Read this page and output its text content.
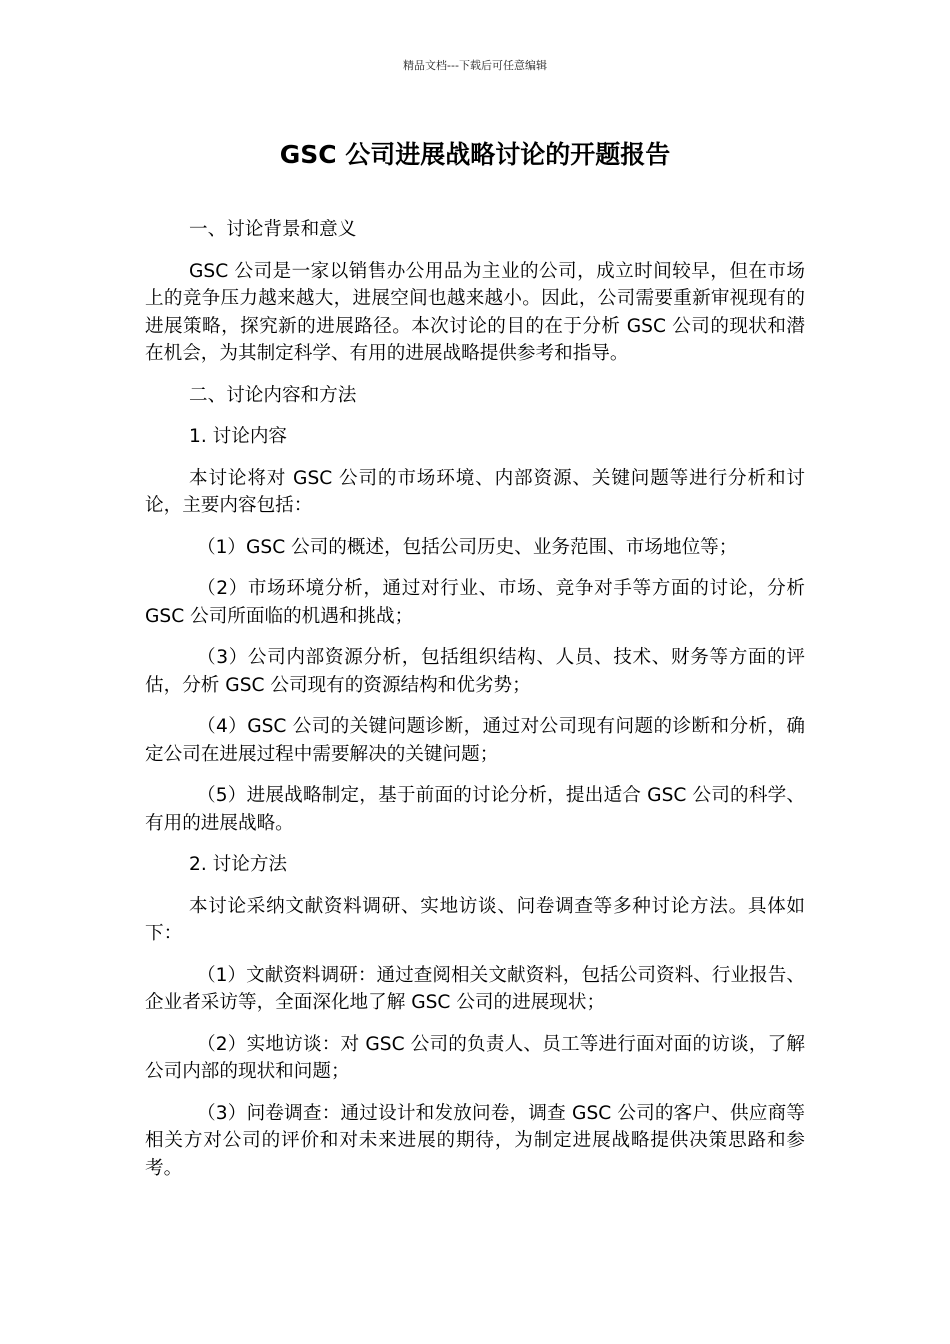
精品文档---下载后可任意编辑
GSC 公司进展战略讨论的开题报告

一、讨论背景和意义

GSC 公司是一家以销售办公用品为主业的公司，成立时间较早，但在市场上的竞争压力越来越大，进展空间也越来越小。因此，公司需要重新审视现有的进展策略，探究新的进展路径。本次讨论的目的在于分析 GSC 公司的现状和潜在机会，为其制定科学、有用的进展战略提供参考和指导。

二、讨论内容和方法

1. 讨论内容

本讨论将对 GSC 公司的市场环境、内部资源、关键问题等进行分析和讨论，主要内容包括：

（1）GSC 公司的概述，包括公司历史、业务范围、市场地位等；

（2）市场环境分析，通过对行业、市场、竞争对手等方面的讨论，分析 GSC 公司所面临的机遇和挑战；

（3）公司内部资源分析，包括组织结构、人员、技术、财务等方面的评估，分析 GSC 公司现有的资源结构和优劣势；

（4）GSC 公司的关键问题诊断，通过对公司现有问题的诊断和分析，确定公司在进展过程中需要解决的关键问题；

（5）进展战略制定，基于前面的讨论分析，提出适合 GSC 公司的科学、有用的进展战略。

2. 讨论方法

本讨论采纳文献资料调研、实地访谈、问卷调查等多种讨论方法。具体如下：

（1）文献资料调研：通过查阅相关文献资料，包括公司资料、行业报告、企业者采访等，全面深化地了解 GSC 公司的进展现状；

（2）实地访谈：对 GSC 公司的负责人、员工等进行面对面的访谈，了解公司内部的现状和问题；

（3）问卷调查：通过设计和发放问卷，调查 GSC 公司的客户、供应商等相关方对公司的评价和对未来进展的期待，为制定进展战略提供决策思路和参考。
